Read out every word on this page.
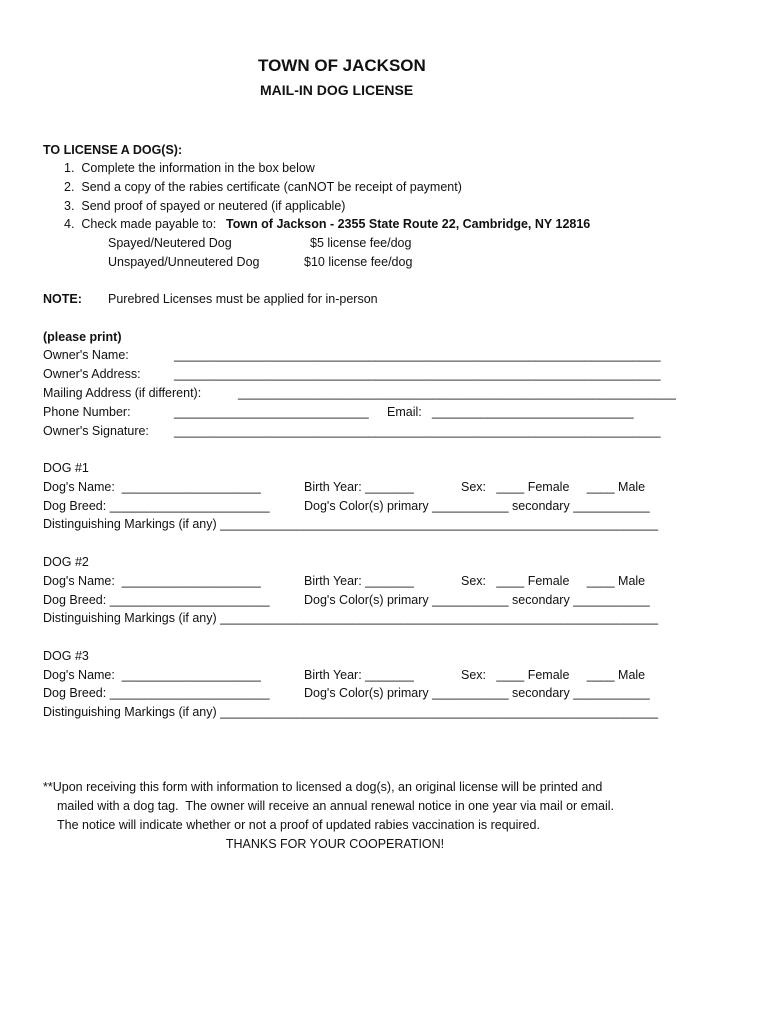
TOWN OF JACKSON
MAIL-IN DOG LICENSE
TO LICENSE A DOG(S):
1.  Complete the information in the box below
2.  Send a copy of the rabies certificate (canNOT be receipt of payment)
3.  Send proof of spayed or neutered (if applicable)
4.  Check made payable to: Town of Jackson - 2355 State Route 22, Cambridge, NY 12816
Spayed/Neutered Dog	$5 license fee/dog
Unspayed/Unneutered Dog	$10 license fee/dog
NOTE: Purebred Licenses must be applied for in-person
(please print)
Owner's Name:	______________________________________________________________________
Owner's Address:	______________________________________________________________________
Mailing Address (if different):	_______________________________________________________________
Phone Number:	____________________________ Email: _____________________________
Owner's Signature: ______________________________________________________________________
DOG #1
Dog's Name:  ____________________	Birth Year: _______	Sex:   ____ Female     ____ Male
Dog Breed: _______________________	Dog's Color(s) primary ___________ secondary ___________
Distinguishing Markings (if any) _______________________________________________________________
DOG #2
Dog's Name:  ____________________	Birth Year: _______	Sex:   ____ Female     ____ Male
Dog Breed: _______________________	Dog's Color(s) primary ___________ secondary ___________
Distinguishing Markings (if any) _______________________________________________________________
DOG #3
Dog's Name:  ____________________	Birth Year: _______	Sex:   ____ Female     ____ Male
Dog Breed: _______________________	Dog's Color(s) primary ___________ secondary ___________
Distinguishing Markings (if any) _______________________________________________________________
**Upon receiving this form with information to licensed a dog(s), an original license will be printed and
mailed with a dog tag.  The owner will receive an annual renewal notice in one year via mail or email.
The notice will indicate whether or not a proof of updated rabies vaccination is required.
THANKS FOR YOUR COOPERATION!
